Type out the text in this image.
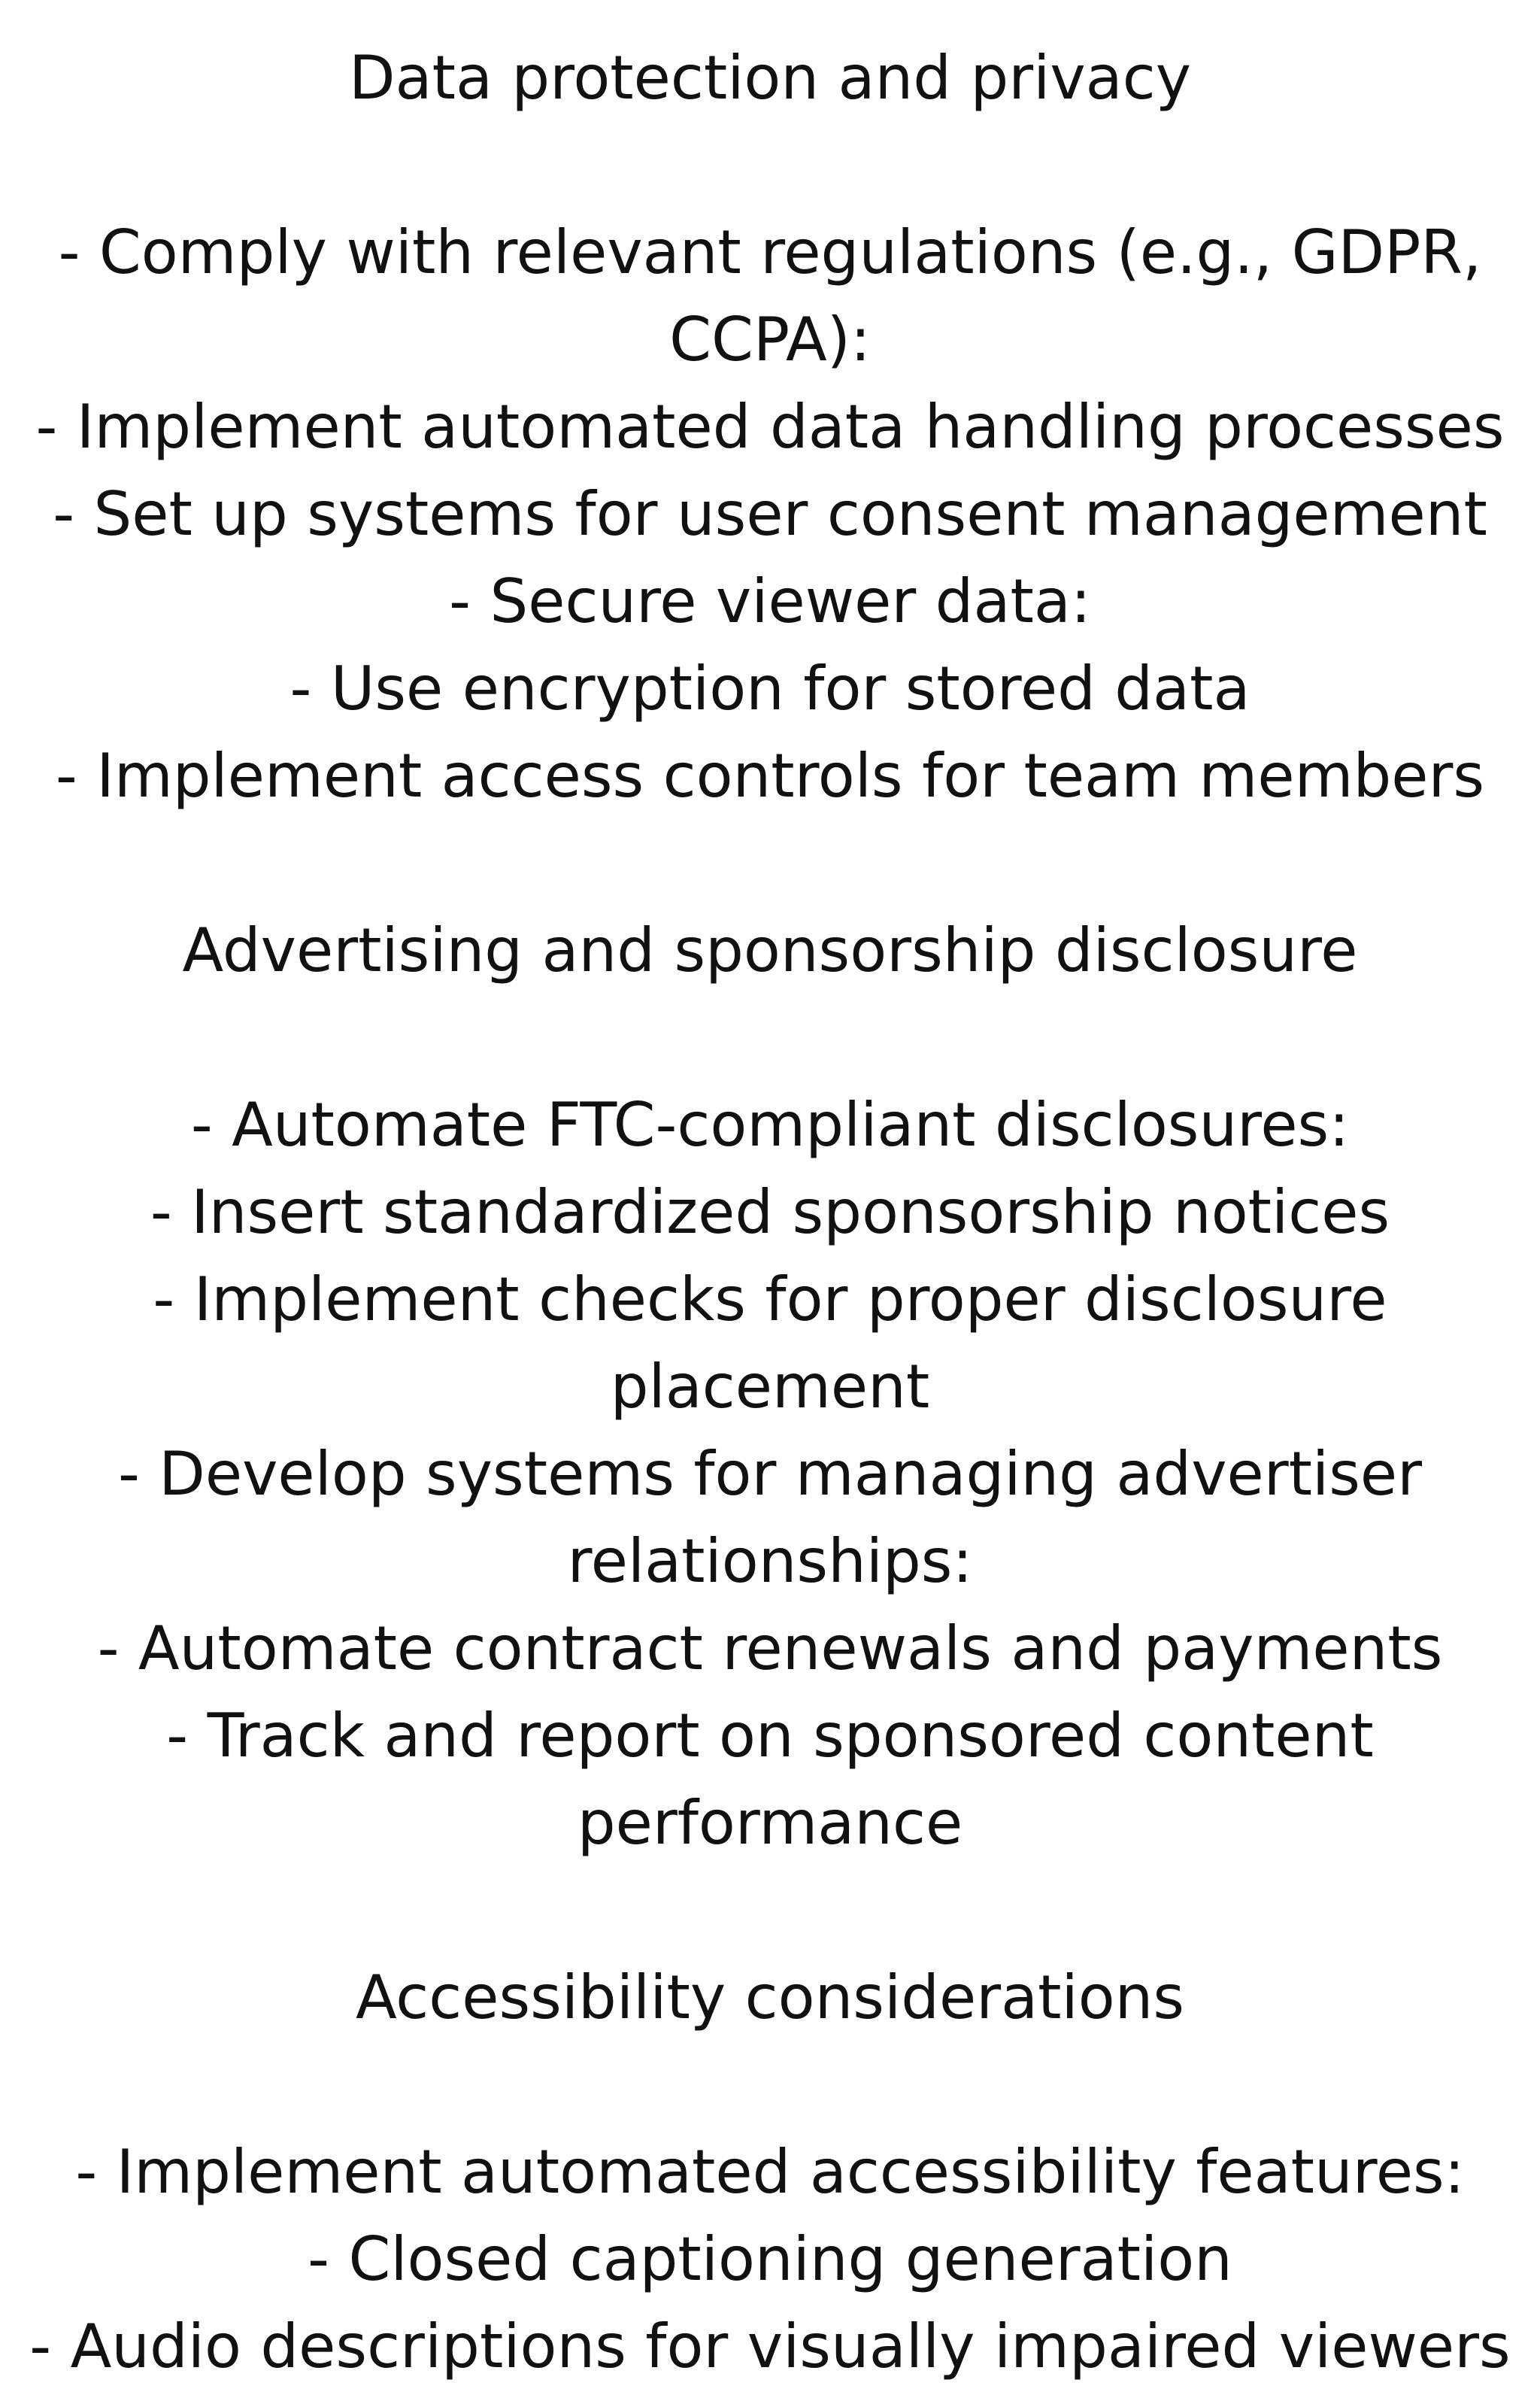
Data protection and privacy
- Comply with relevant regulations (e.g., GDPR,
CCPA):
- Implement automated data handling processes
- Set up systems for user consent management
- Secure viewer data:
- Use encryption for stored data
- Implement access controls for team members
Advertising and sponsorship disclosure
- Automate FTC-compliant disclosures:
- Insert standardized sponsorship notices
- Implement checks for proper disclosure
placement
- Develop systems for managing advertiser
relationships:
- Automate contract renewals and payments
- Track and report on sponsored content
performance
Accessibility considerations
- Implement automated accessibility features:
- Closed captioning generation
- Audio descriptions for visually impaired viewers
